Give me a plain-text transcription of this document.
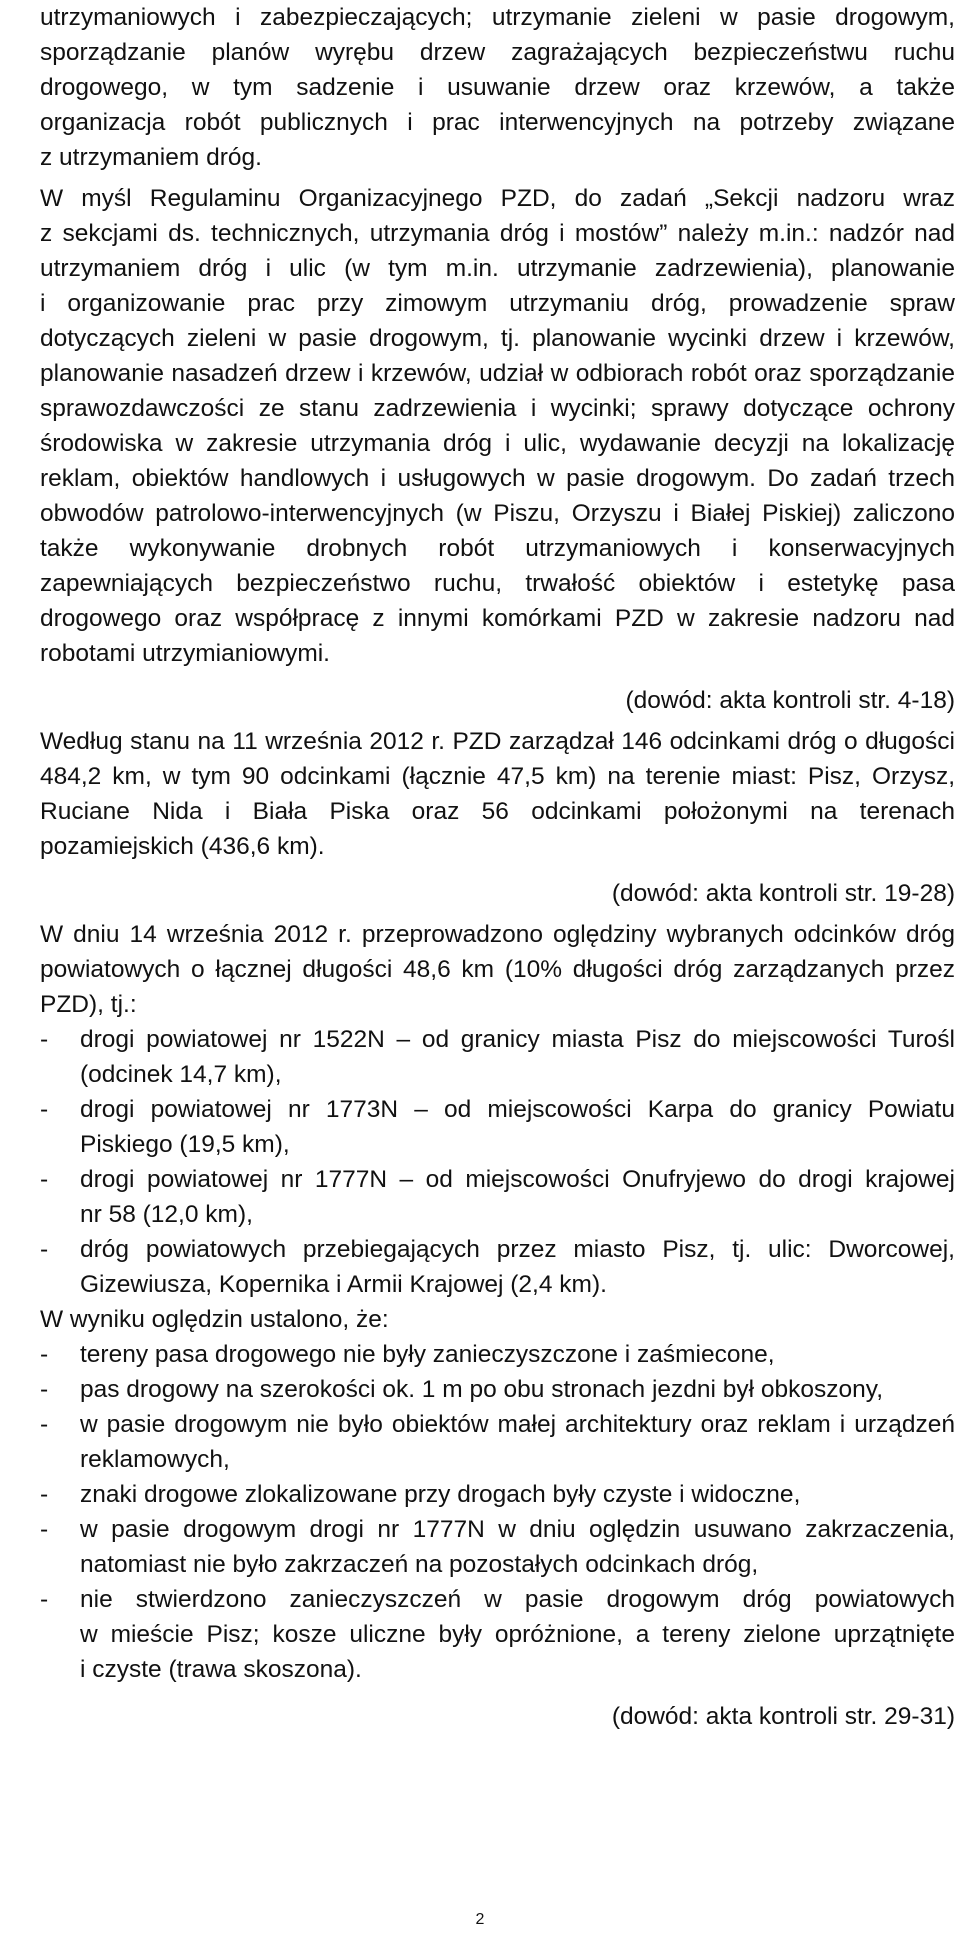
utrzymaniowych i zabezpieczających; utrzymanie zieleni w pasie drogowym,
sporządzanie planów wyrębu drzew zagrażających bezpieczeństwu ruchu
drogowego, w tym sadzenie i usuwanie drzew oraz krzewów, a także
organizacja robót publicznych i prac interwencyjnych na potrzeby związane
z utrzymaniem dróg.
W myśl Regulaminu Organizacyjnego PZD, do zadań „Sekcji nadzoru wraz
z sekcjami ds. technicznych, utrzymania dróg i mostów” należy m.in.: nadzór nad
utrzymaniem dróg i ulic (w tym m.in. utrzymanie zadrzewienia), planowanie
i organizowanie prac przy zimowym utrzymaniu dróg, prowadzenie spraw
dotyczących zieleni w pasie drogowym, tj. planowanie wycinki drzew i krzewów,
planowanie nasadzeń drzew i krzewów, udział w odbiorach robót oraz sporządzanie
sprawozdawczości ze stanu zadrzewienia i wycinki; sprawy dotyczące ochrony
środowiska w zakresie utrzymania dróg i ulic, wydawanie decyzji na lokalizację
reklam, obiektów handlowych i usługowych w pasie drogowym. Do zadań trzech
obwodów patrolowo-interwencyjnych (w Piszu, Orzyszu i Białej Piskiej) zaliczono
także wykonywanie drobnych robót utrzymaniowych i konserwacyjnych
zapewniających bezpieczeństwo ruchu, trwałość obiektów i estetykę pasa
drogowego oraz współpracę z innymi komórkami PZD w zakresie nadzoru nad
robotami utrzymianiowymi.
(dowód: akta kontroli str. 4-18)
Według stanu na 11 września 2012 r. PZD zarządzał 146 odcinkami dróg o długości
484,2 km, w tym 90 odcinkami (łącznie 47,5 km) na terenie miast: Pisz, Orzysz,
Ruciane Nida i Biała Piska oraz 56 odcinkami położonymi na terenach
pozamiejskich (436,6 km).
(dowód: akta kontroli str. 19-28)
W dniu 14 września 2012 r. przeprowadzono oględziny wybranych odcinków dróg
powiatowych o łącznej długości 48,6 km (10% długości dróg zarządzanych przez
PZD), tj.:
-	drogi powiatowej nr 1522N – od granicy miasta Pisz do miejscowości Turośl
(odcinek 14,7 km),
-	drogi powiatowej nr 1773N – od miejscowości Karpa do granicy Powiatu
Piskiego (19,5 km),
-	drogi powiatowej nr 1777N – od miejscowości Onufryjewo do drogi krajowej
nr 58 (12,0 km),
-	dróg powiatowych przebiegających przez miasto Pisz, tj. ulic: Dworcowej,
Gizewiusza, Kopernika i Armii Krajowej (2,4 km).
W wyniku oględzin ustalono, że:
-	tereny pasa drogowego nie były zanieczyszczone i zaśmiecone,
-	pas drogowy na szerokości ok. 1 m po obu stronach jezdni był obkoszony,
-	w pasie drogowym nie było obiektów małej architektury oraz reklam i urządzeń
reklamowych,
-	znaki drogowe zlokalizowane przy drogach były czyste i widoczne,
-	w pasie drogowym drogi nr 1777N w dniu oględzin usuwano zakrzaczenia,
natomiast nie było zakrzaczeń na pozostałych odcinkach dróg,
-	nie stwierdzono zanieczyszczeń w pasie drogowym dróg powiatowych
w mieście Pisz; kosze uliczne były opróżnione, a tereny zielone uprzątnięte
i czyste (trawa skoszona).
(dowód: akta kontroli str. 29-31)
2
